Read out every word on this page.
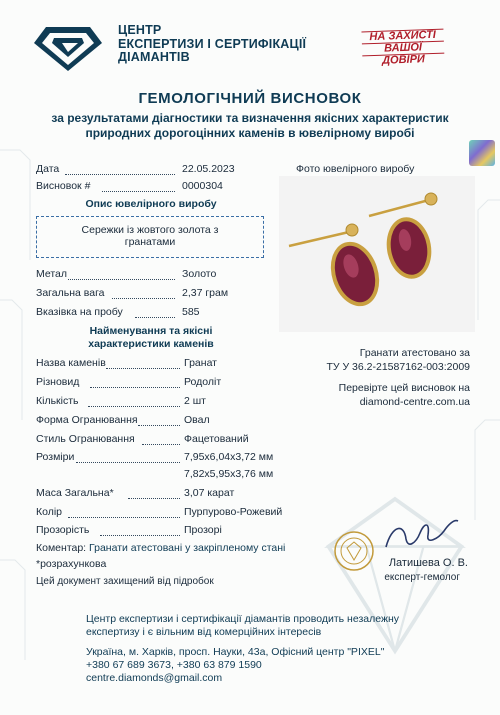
ЦЕНТР
ЕКСПЕРТИЗИ І СЕРТИФІКАЦІЇ
ДІАМАНТІВ
НА ЗАХИСТІ
ВАШОЇ
ДОВІРИ
ГЕМОЛОГІЧНИЙ ВИСНОВОК
за результатами діагностики та визначення якісних характеристик
природних дорогоцінних каменів в ювелірному виробі
Дата	22.05.2023
Висновок #	0000304
Опис ювелірного виробу
Сережки із жовтого золота з
гранатами
Метал	Золото
Загальна вага	2,37 грам
Вказівка на пробу	585
Найменування та якісні
характеристики каменів
Назва каменів	Гранат
Різновид	Родоліт
Кількість	2 шт
Форма Огранювання	Овал
Стиль Огранювання	Фацетований
Розміри	7,95x6,04x3,72 мм
7,82x5,95x3,76 мм
Маса Загальна*	3,07 карат
Колір	Пурпурово-Рожевий
Прозорість	Прозорі
Коментар: Гранати атестовані у закріпленому стані
*розрахункова
Цей документ захищений від підробок
Фото ювелірного виробу
Гранати атестовано за
ТУ У 36.2-21587162-003:2009
Перевірте цей висновок на
diamond-centre.com.ua
Латишева О. В.
експерт-гемолог
Центр експертизи і сертифікації діамантів проводить незалежну
експертизу і є вільним від комерційних інтересів
Україна, м. Харків, просп. Науки, 43а, Офісний центр "PIXEL"
+380 67 689 3673, +380 63 879 1590
centre.diamonds@gmail.com
